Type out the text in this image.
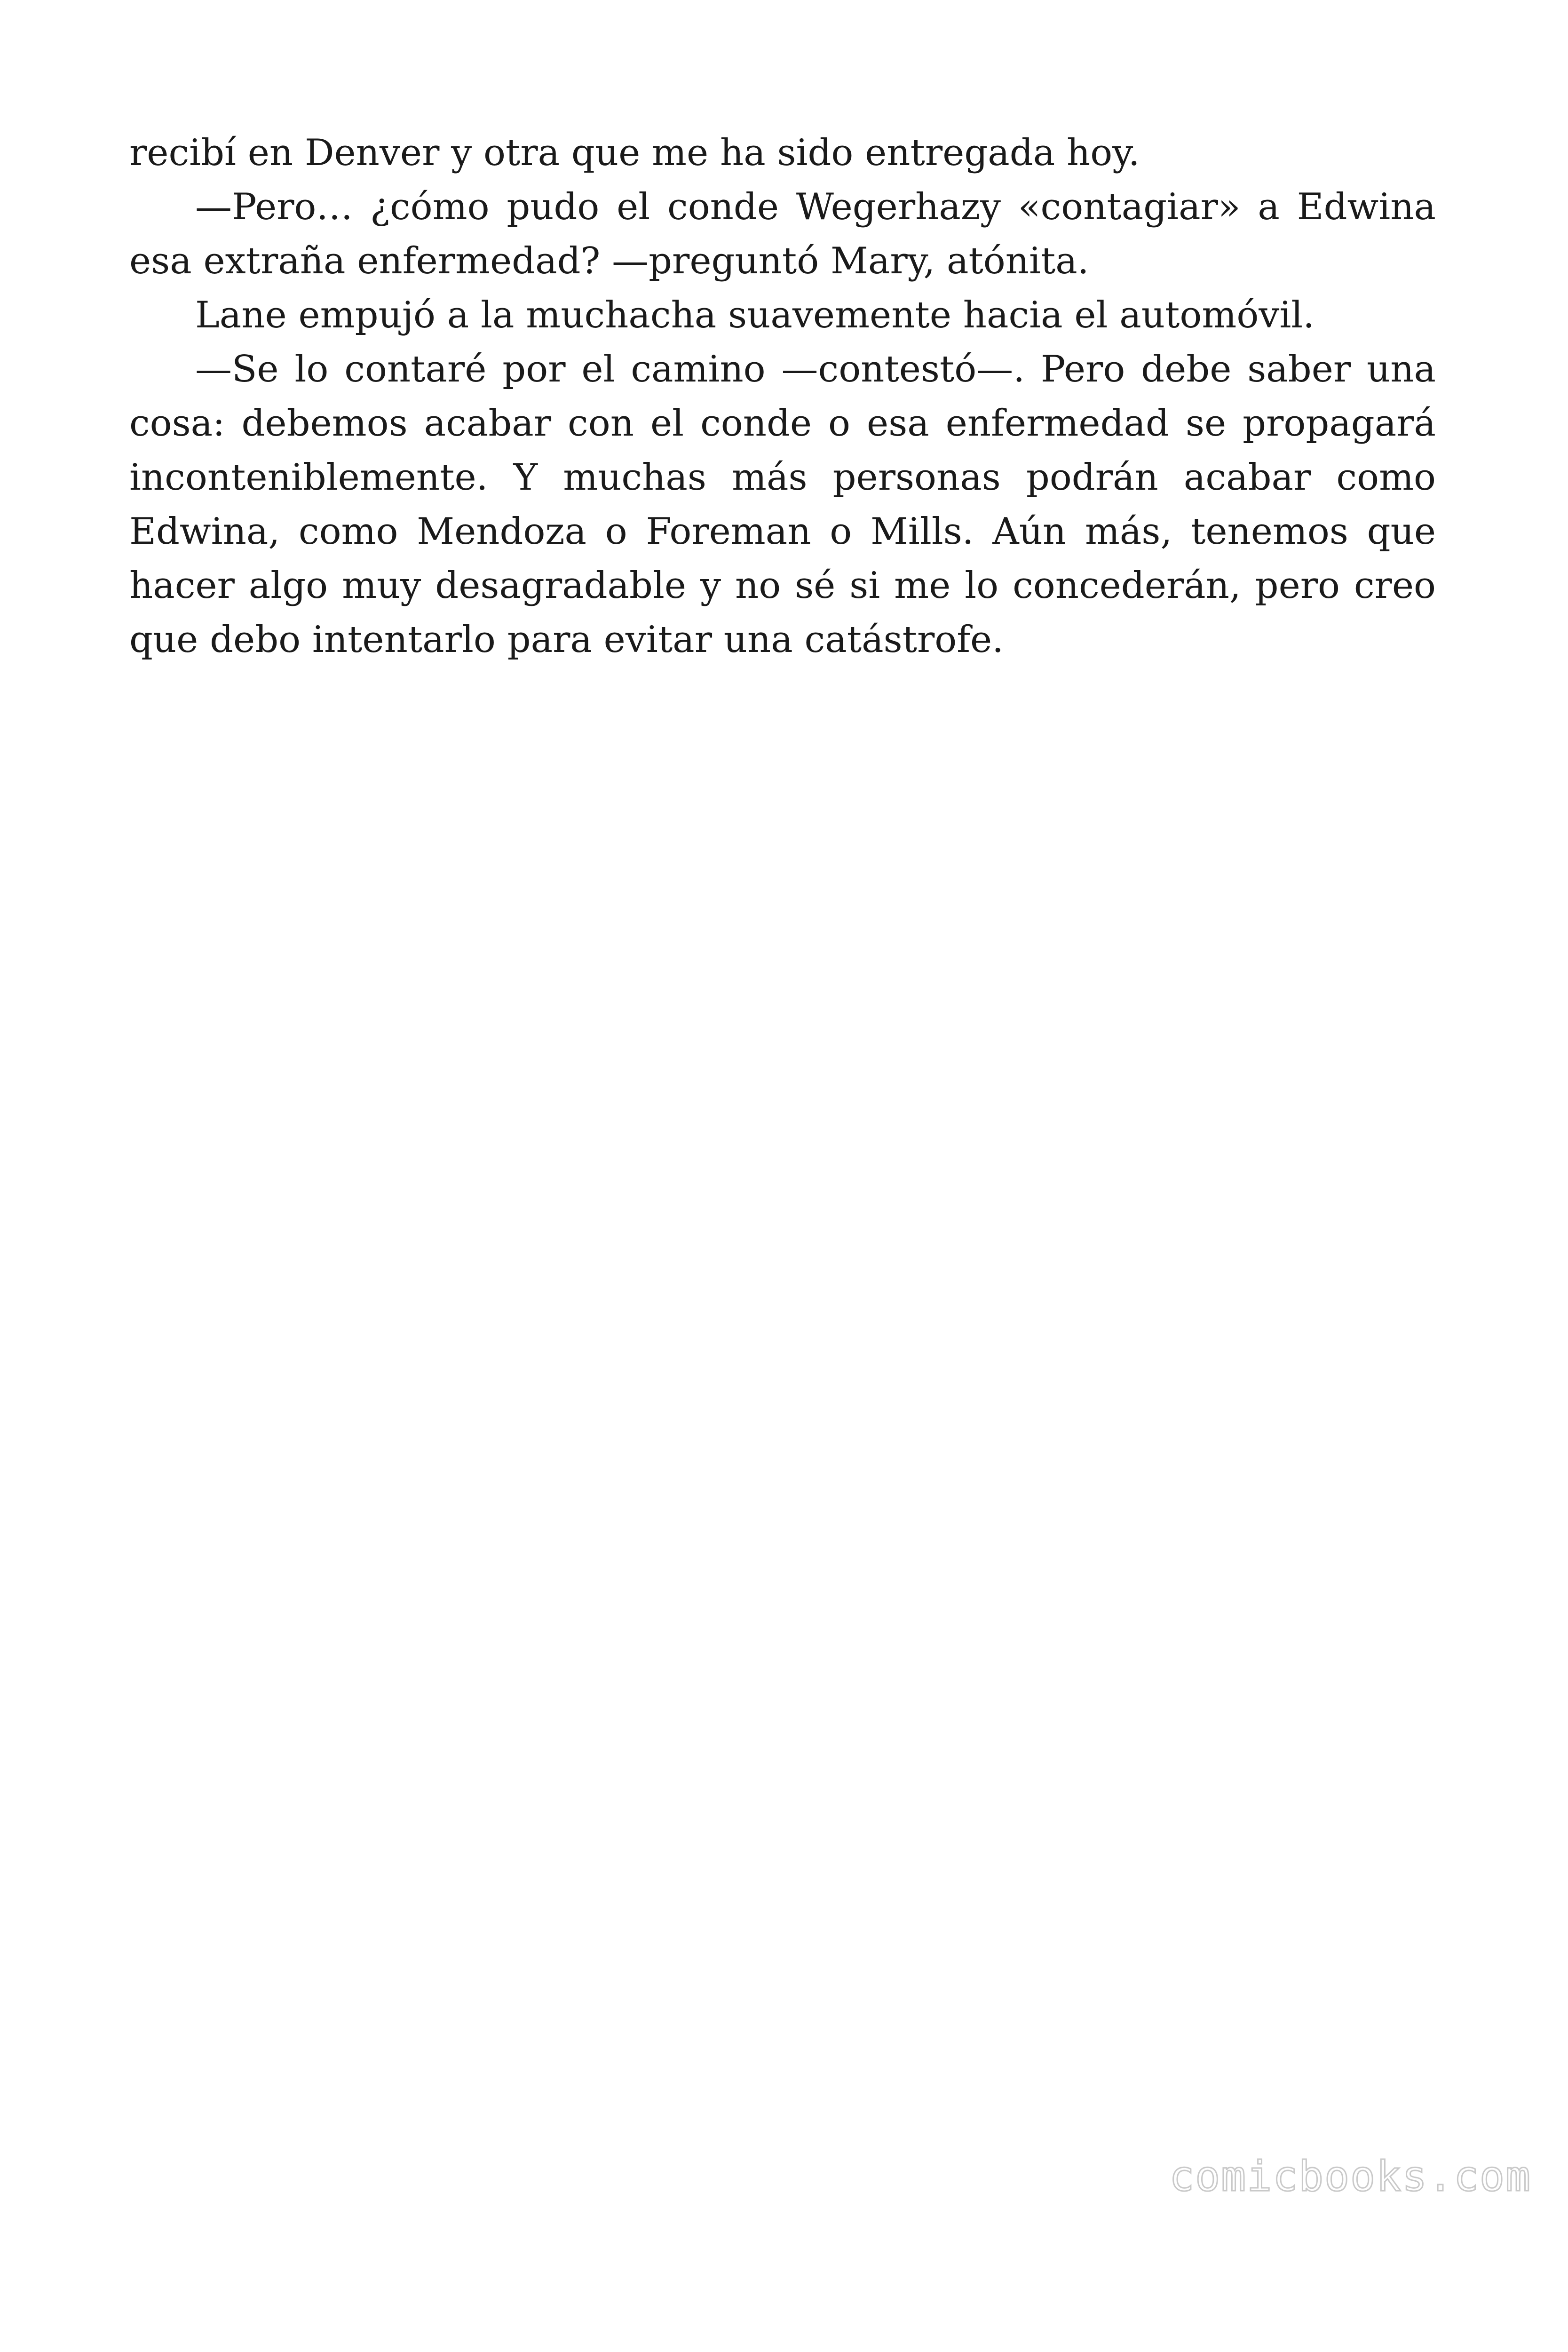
recibí en Denver y otra que me ha sido entregada hoy.

—Pero… ¿cómo pudo el conde Wegerhazy «contagiar» a Edwina esa extraña enfermedad? —preguntó Mary, atónita.

Lane empujó a la muchacha suavemente hacia el automóvil.

—Se lo contaré por el camino —contestó—. Pero debe saber una cosa: debemos acabar con el conde o esa enfermedad se propagará inconteniblemente. Y muchas más personas podrán acabar como Edwina, como Mendoza o Foreman o Mills. Aún más, tenemos que hacer algo muy desagradable y no sé si me lo concederán, pero creo que debo intentarlo para evitar una catástrofe.

comicbooks.com
